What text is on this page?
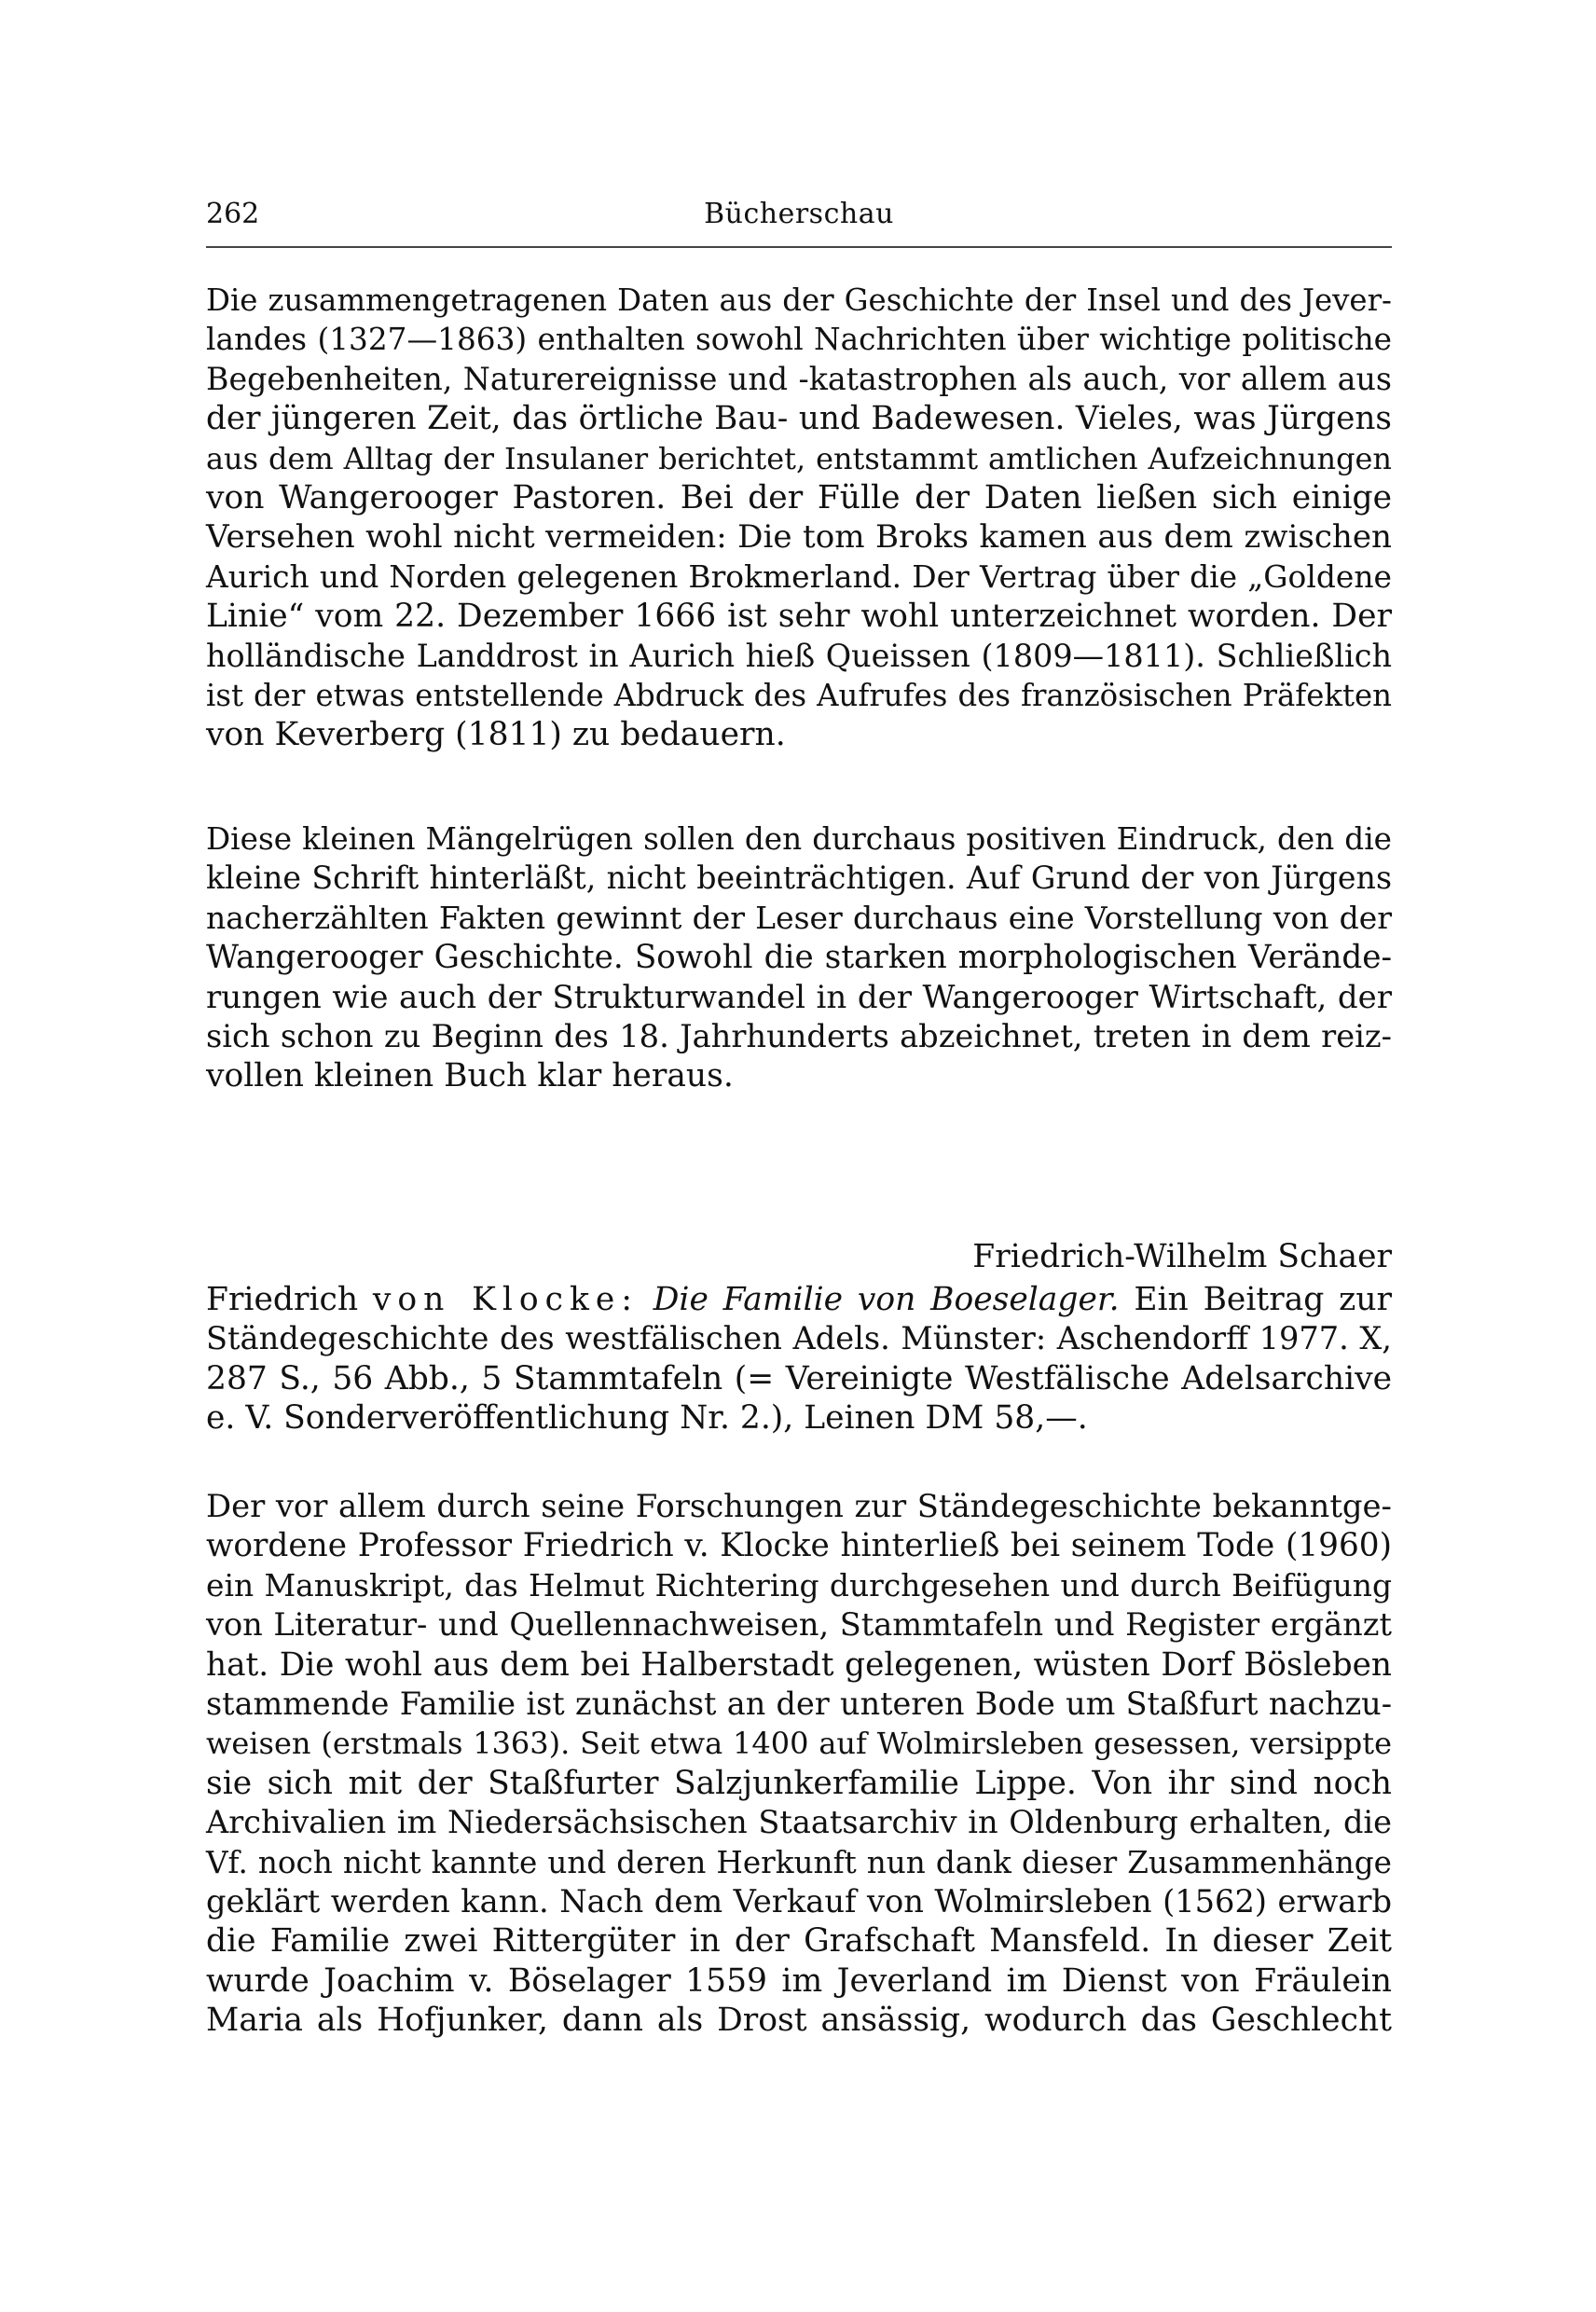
262	Bücherschau
Die zusammengetragenen Daten aus der Geschichte der Insel und des Jever-
landes (1327—1863) enthalten sowohl Nachrichten über wichtige politische
Begebenheiten, Naturereignisse und -katastrophen als auch, vor allem aus
der jüngeren Zeit, das örtliche Bau- und Badewesen. Vieles, was Jürgens
aus dem Alltag der Insulaner berichtet, entstammt amtlichen Aufzeichnungen
von Wangerooger Pastoren. Bei der Fülle der Daten ließen sich einige
Versehen wohl nicht vermeiden: Die tom Broks kamen aus dem zwischen
Aurich und Norden gelegenen Brokmerland. Der Vertrag über die „Goldene
Linie“ vom 22. Dezember 1666 ist sehr wohl unterzeichnet worden. Der
holländische Landdrost in Aurich hieß Queissen (1809—1811). Schließlich
ist der etwas entstellende Abdruck des Aufrufes des französischen Präfekten
von Keverberg (1811) zu bedauern.
Diese kleinen Mängelrügen sollen den durchaus positiven Eindruck, den die
kleine Schrift hinterläßt, nicht beeinträchtigen. Auf Grund der von Jürgens
nacherzählten Fakten gewinnt der Leser durchaus eine Vorstellung von der
Wangerooger Geschichte. Sowohl die starken morphologischen Verände-
rungen wie auch der Strukturwandel in der Wangerooger Wirtschaft, der
sich schon zu Beginn des 18. Jahrhunderts abzeichnet, treten in dem reiz-
vollen kleinen Buch klar heraus.
Friedrich-Wilhelm Schaer
Friedrich von Klocke: Die Familie von Boeselager. Ein Beitrag zur
Ständegeschichte des westfälischen Adels. Münster: Aschendorff 1977. X,
287 S., 56 Abb., 5 Stammtafeln (= Vereinigte Westfälische Adelsarchive
e. V. Sonderveröffentlichung Nr. 2.), Leinen DM 58,—.
Der vor allem durch seine Forschungen zur Ständegeschichte bekanntge-
wordene Professor Friedrich v. Klocke hinterließ bei seinem Tode (1960)
ein Manuskript, das Helmut Richtering durchgesehen und durch Beifügung
von Literatur- und Quellennachweisen, Stammtafeln und Register ergänzt
hat. Die wohl aus dem bei Halberstadt gelegenen, wüsten Dorf Bösleben
stammende Familie ist zunächst an der unteren Bode um Staßfurt nachzu-
weisen (erstmals 1363). Seit etwa 1400 auf Wolmirsleben gesessen, versippte
sie sich mit der Staßfurter Salzjunkerfamilie Lippe. Von ihr sind noch
Archivalien im Niedersächsischen Staatsarchiv in Oldenburg erhalten, die
Vf. noch nicht kannte und deren Herkunft nun dank dieser Zusammenhänge
geklärt werden kann. Nach dem Verkauf von Wolmirsleben (1562) erwarb
die Familie zwei Rittergüter in der Grafschaft Mansfeld. In dieser Zeit
wurde Joachim v. Böselager 1559 im Jeverland im Dienst von Fräulein
Maria als Hofjunker, dann als Drost ansässig, wodurch das Geschlecht
